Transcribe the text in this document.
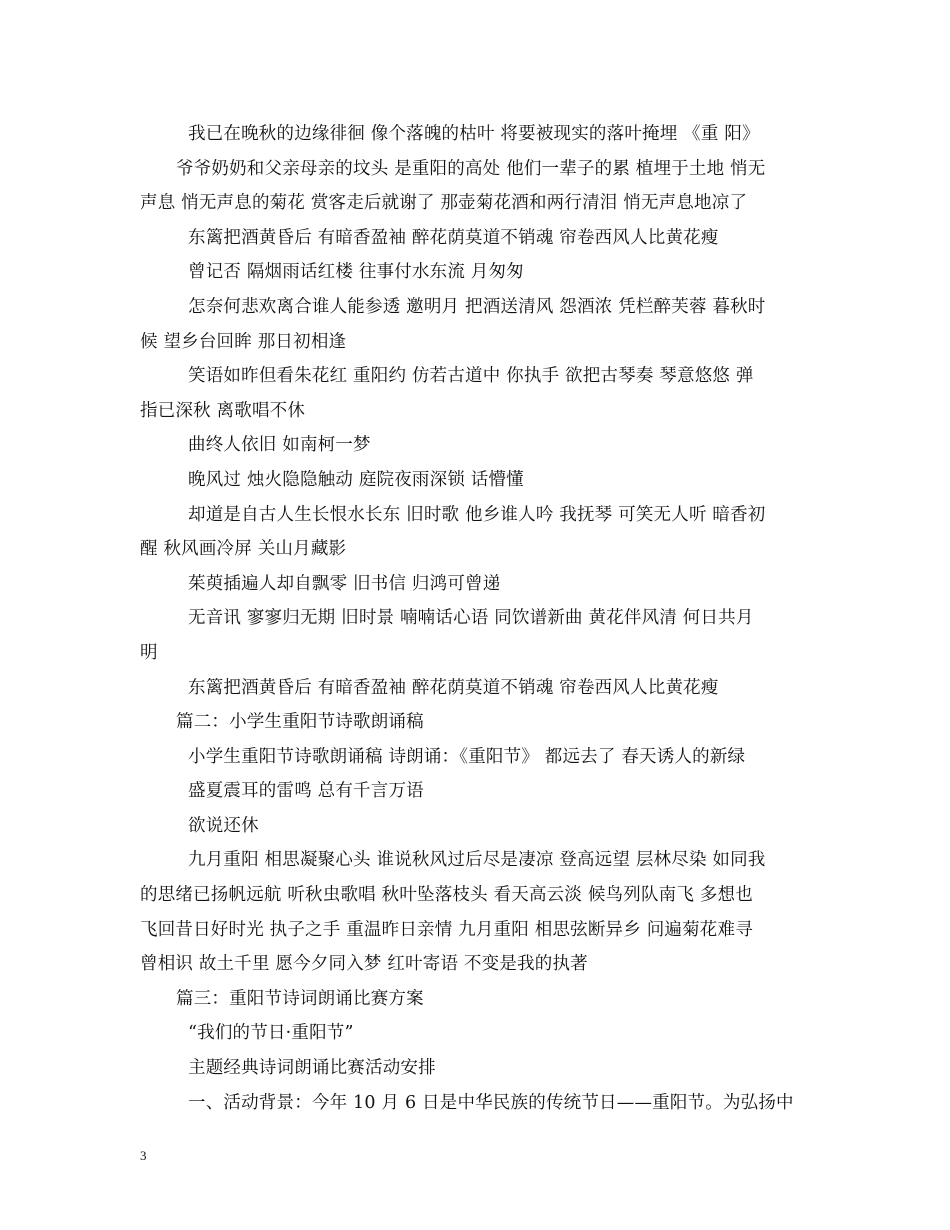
我已在晚秋的边缘徘徊 像个落魄的枯叶 将要被现实的落叶掩埋 《重 阳》
爷爷奶奶和父亲母亲的坟头 是重阳的高处 他们一辈子的累 植埋于土地 悄无
声息 悄无声息的菊花 赏客走后就谢了 那壶菊花酒和两行清泪 悄无声息地凉了
东篱把酒黄昏后 有暗香盈袖 醉花荫莫道不销魂 帘卷西风人比黄花瘦
曾记否 隔烟雨话红楼 往事付水东流 月匆匆
怎奈何悲欢离合谁人能参透 邀明月 把酒送清风 怨酒浓 凭栏醉芙蓉 暮秋时
候 望乡台回眸 那日初相逢
笑语如昨但看朱花红 重阳约 仿若古道中 你执手 欲把古琴奏 琴意悠悠 弹
指已深秋 离歌唱不休
曲终人依旧 如南柯一梦
晚风过 烛火隐隐触动 庭院夜雨深锁 话懵懂
却道是自古人生长恨水长东 旧时歌 他乡谁人吟 我抚琴 可笑无人听 暗香初
醒 秋风画冷屏 关山月藏影
茱萸插遍人却自飘零 旧书信 归鸿可曾递
无音讯 寥寥归无期 旧时景 喃喃话心语 同饮谱新曲 黄花伴风清 何日共月
明
东篱把酒黄昏后 有暗香盈袖 醉花荫莫道不销魂 帘卷西风人比黄花瘦
篇二：小学生重阳节诗歌朗诵稿
小学生重阳节诗歌朗诵稿 诗朗诵：《重阳节》 都远去了 春天诱人的新绿
盛夏震耳的雷鸣 总有千言万语
欲说还休
九月重阳 相思凝聚心头 谁说秋风过后尽是凄凉 登高远望 层林尽染 如同我
的思绪已扬帆远航 听秋虫歌唱 秋叶坠落枝头 看天高云淡 候鸟列队南飞 多想也
飞回昔日好时光 执子之手 重温昨日亲情 九月重阳 相思弦断异乡 问遍菊花难寻
曾相识 故土千里 愿今夕同入梦 红叶寄语 不变是我的执著
篇三：重阳节诗词朗诵比赛方案
“我们的节日·重阳节”
主题经典诗词朗诵比赛活动安排
一、活动背景：今年 10 月 6 日是中华民族的传统节日——重阳节。为弘扬中
3
